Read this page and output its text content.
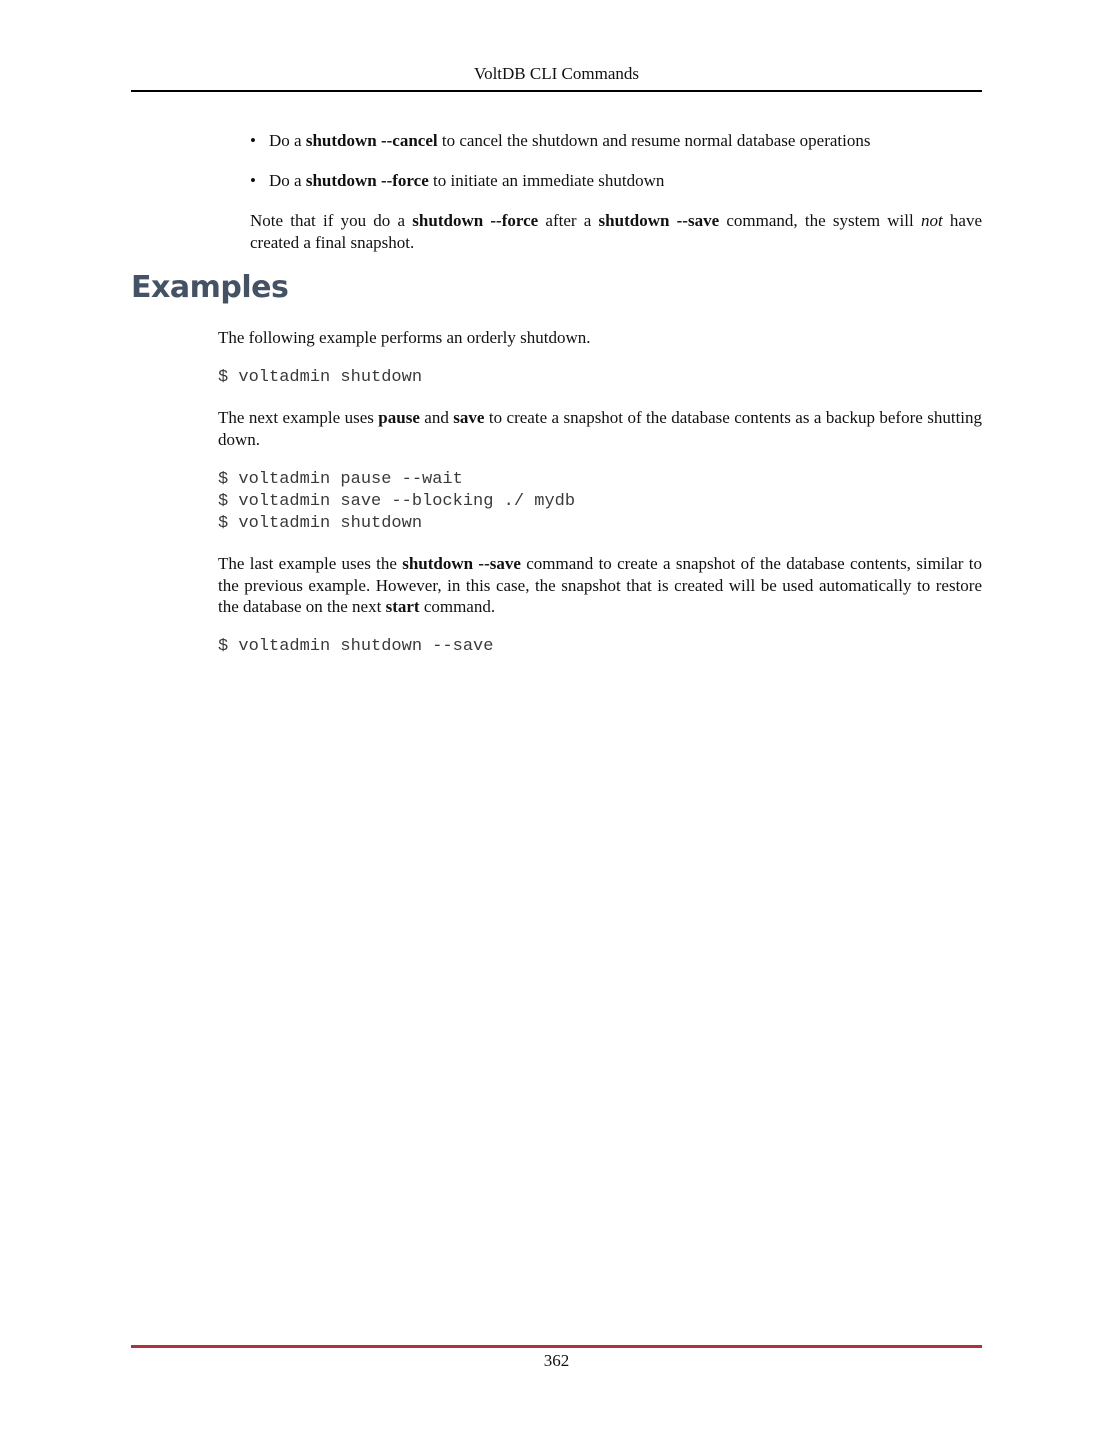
VoltDB CLI Commands
• Do a shutdown --cancel to cancel the shutdown and resume normal database operations
• Do a shutdown --force to initiate an immediate shutdown

Note that if you do a shutdown --force after a shutdown --save command, the system will not have created a final snapshot.

Examples

The following example performs an orderly shutdown.

$ voltadmin shutdown

The next example uses pause and save to create a snapshot of the database contents as a backup before shutting down.

$ voltadmin pause --wait
$ voltadmin save --blocking ./ mydb
$ voltadmin shutdown

The last example uses the shutdown --save command to create a snapshot of the database contents, similar to the previous example. However, in this case, the snapshot that is created will be used automatically to restore the database on the next start command.

$ voltadmin shutdown --save
362
